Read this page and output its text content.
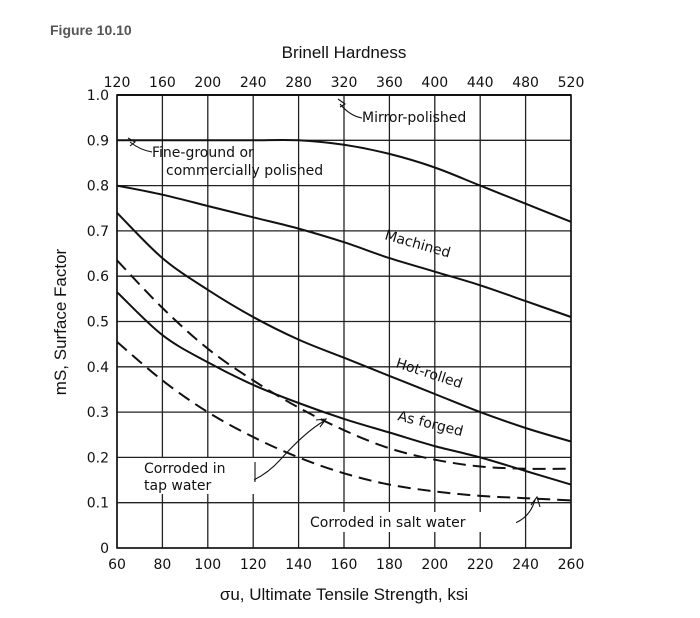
Figure 10.10
60 80 100 120 140 160 180 200 220 240 260
0
0.1
0.2
0.3
0.4
0.5
0.6
0.7
0.8
0.9
1.0
120 160 200 240 280 320 360 400 440 480 520
Brinell Hardness
σu, Ultimate Tensile Strength, ksi
mS, Surface Factor
Mirror-polished
Fine-ground or
commercially polished
Machined
Hot-rolled
As forged
Corroded in
tap water
Corroded in salt water
